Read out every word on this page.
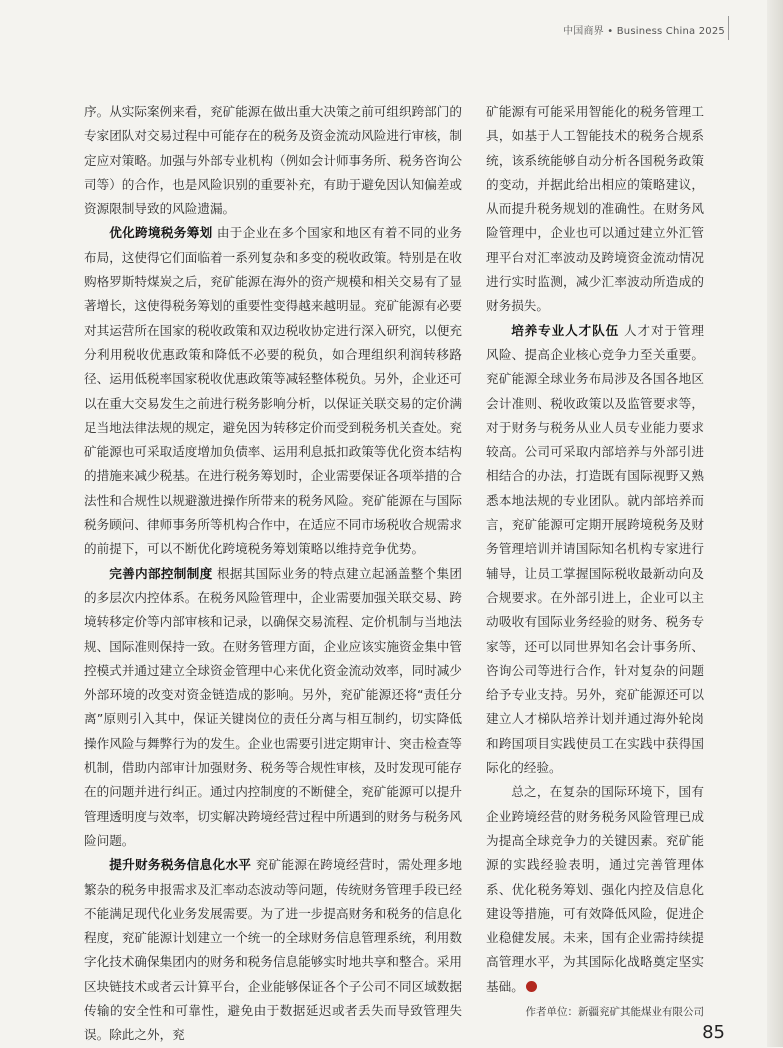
中国商界 • Business China 2025

序。从实际案例来看，兖矿能源在做出重大决策之前可组织跨部门的专家团队对交易过程中可能存在的税务及资金流动风险进行审核，制定应对策略。加强与外部专业机构（例如会计师事务所、税务咨询公司等）的合作，也是风险识别的重要补充，有助于避免因认知偏差或资源限制导致的风险遗漏。

优化跨境税务筹划 由于企业在多个国家和地区有着不同的业务布局，这使得它们面临着一系列复杂和多变的税收政策。特别是在收购格罗斯特煤炭之后，兖矿能源在海外的资产规模和相关交易有了显著增长，这使得税务筹划的重要性变得越来越明显。兖矿能源有必要对其运营所在国家的税收政策和双边税收协定进行深入研究，以便充分利用税收优惠政策和降低不必要的税负，如合理组织利润转移路径、运用低税率国家税收优惠政策等减轻整体税负。另外，企业还可以在重大交易发生之前进行税务影响分析，以保证关联交易的定价满足当地法律法规的规定，避免因为转移定价而受到税务机关查处。兖矿能源也可采取适度增加负债率、运用利息抵扣政策等优化资本结构的措施来减少税基。在进行税务筹划时，企业需要保证各项举措的合法性和合规性以规避激进操作所带来的税务风险。兖矿能源在与国际税务顾问、律师事务所等机构合作中，在适应不同市场税收合规需求的前提下，可以不断优化跨境税务筹划策略以维持竞争优势。

完善内部控制制度 根据其国际业务的特点建立起涵盖整个集团的多层次内控体系。在税务风险管理中，企业需要加强关联交易、跨境转移定价等内部审核和记录，以确保交易流程、定价机制与当地法规、国际准则保持一致。在财务管理方面，企业应该实施资金集中管控模式并通过建立全球资金管理中心来优化资金流动效率，同时减少外部环境的改变对资金链造成的影响。另外，兖矿能源还将“责任分离”原则引入其中，保证关键岗位的责任分离与相互制约，切实降低操作风险与舞弊行为的发生。企业也需要引进定期审计、突击检查等机制，借助内部审计加强财务、税务等合规性审核，及时发现可能存在的问题并进行纠正。通过内控制度的不断健全，兖矿能源可以提升管理透明度与效率，切实解决跨境经营过程中所遇到的财务与税务风险问题。

提升财务税务信息化水平 兖矿能源在跨境经营时，需处理多地繁杂的税务申报需求及汇率动态波动等问题，传统财务管理手段已经不能满足现代化业务发展需要。为了进一步提高财务和税务的信息化程度，兖矿能源计划建立一个统一的全球财务信息管理系统，利用数字化技术确保集团内的财务和税务信息能够实时地共享和整合。采用区块链技术或者云计算平台，企业能够保证各个子公司不同区域数据传输的安全性和可靠性，避免由于数据延迟或者丢失而导致管理失误。除此之外，兖

矿能源有可能采用智能化的税务管理工具，如基于人工智能技术的税务合规系统，该系统能够自动分析各国税务政策的变动，并据此给出相应的策略建议，从而提升税务规划的准确性。在财务风险管理中，企业也可以通过建立外汇管理平台对汇率波动及跨境资金流动情况进行实时监测，减少汇率波动所造成的财务损失。

培养专业人才队伍 人才对于管理风险、提高企业核心竞争力至关重要。兖矿能源全球业务布局涉及各国各地区会计准则、税收政策以及监管要求等，对于财务与税务从业人员专业能力要求较高。公司可采取内部培养与外部引进相结合的办法，打造既有国际视野又熟悉本地法规的专业团队。就内部培养而言，兖矿能源可定期开展跨境税务及财务管理培训并请国际知名机构专家进行辅导，让员工掌握国际税收最新动向及合规要求。在外部引进上，企业可以主动吸收有国际业务经验的财务、税务专家等，还可以同世界知名会计事务所、咨询公司等进行合作，针对复杂的问题给予专业支持。另外，兖矿能源还可以建立人才梯队培养计划并通过海外轮岗和跨国项目实践使员工在实践中获得国际化的经验。

总之，在复杂的国际环境下，国有企业跨境经营的财务税务风险管理已成为提高全球竞争力的关键因素。兖矿能源的实践经验表明，通过完善管理体系、优化税务筹划、强化内控及信息化建设等措施，可有效降低风险，促进企业稳健发展。未来，国有企业需持续提高管理水平，为其国际化战略奠定坚实基础。

作者单位：新疆兖矿其能煤业有限公司

85
